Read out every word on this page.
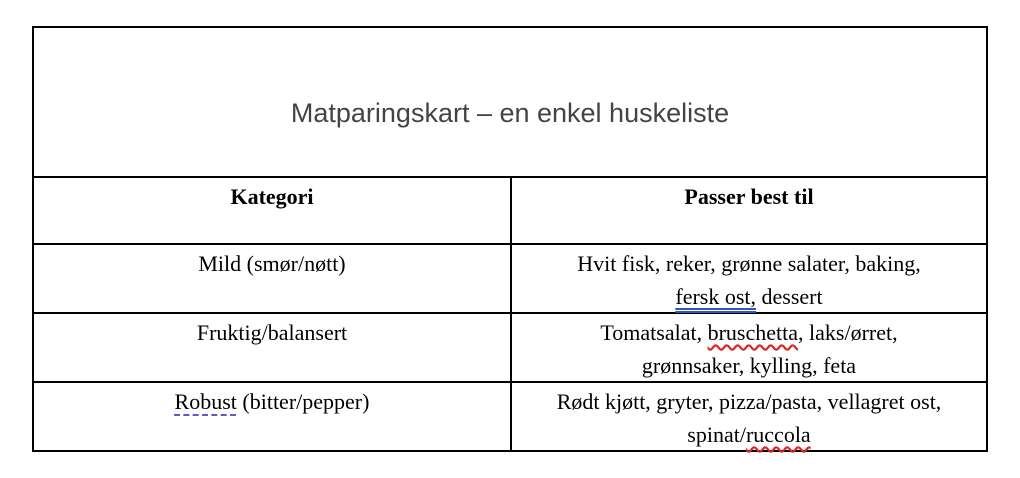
Matparingskart – en enkel huskeliste
Kategori	Passer best til
Mild (smør/nøtt)	Hvit fisk, reker, grønne salater, baking,
fersk ost, dessert
Fruktig/balansert	Tomatsalat, bruschetta, laks/ørret,
grønnsaker, kylling, feta
Robust (bitter/pepper)	Rødt kjøtt, gryter, pizza/pasta, vellagret ost,
spinat/ruccola
